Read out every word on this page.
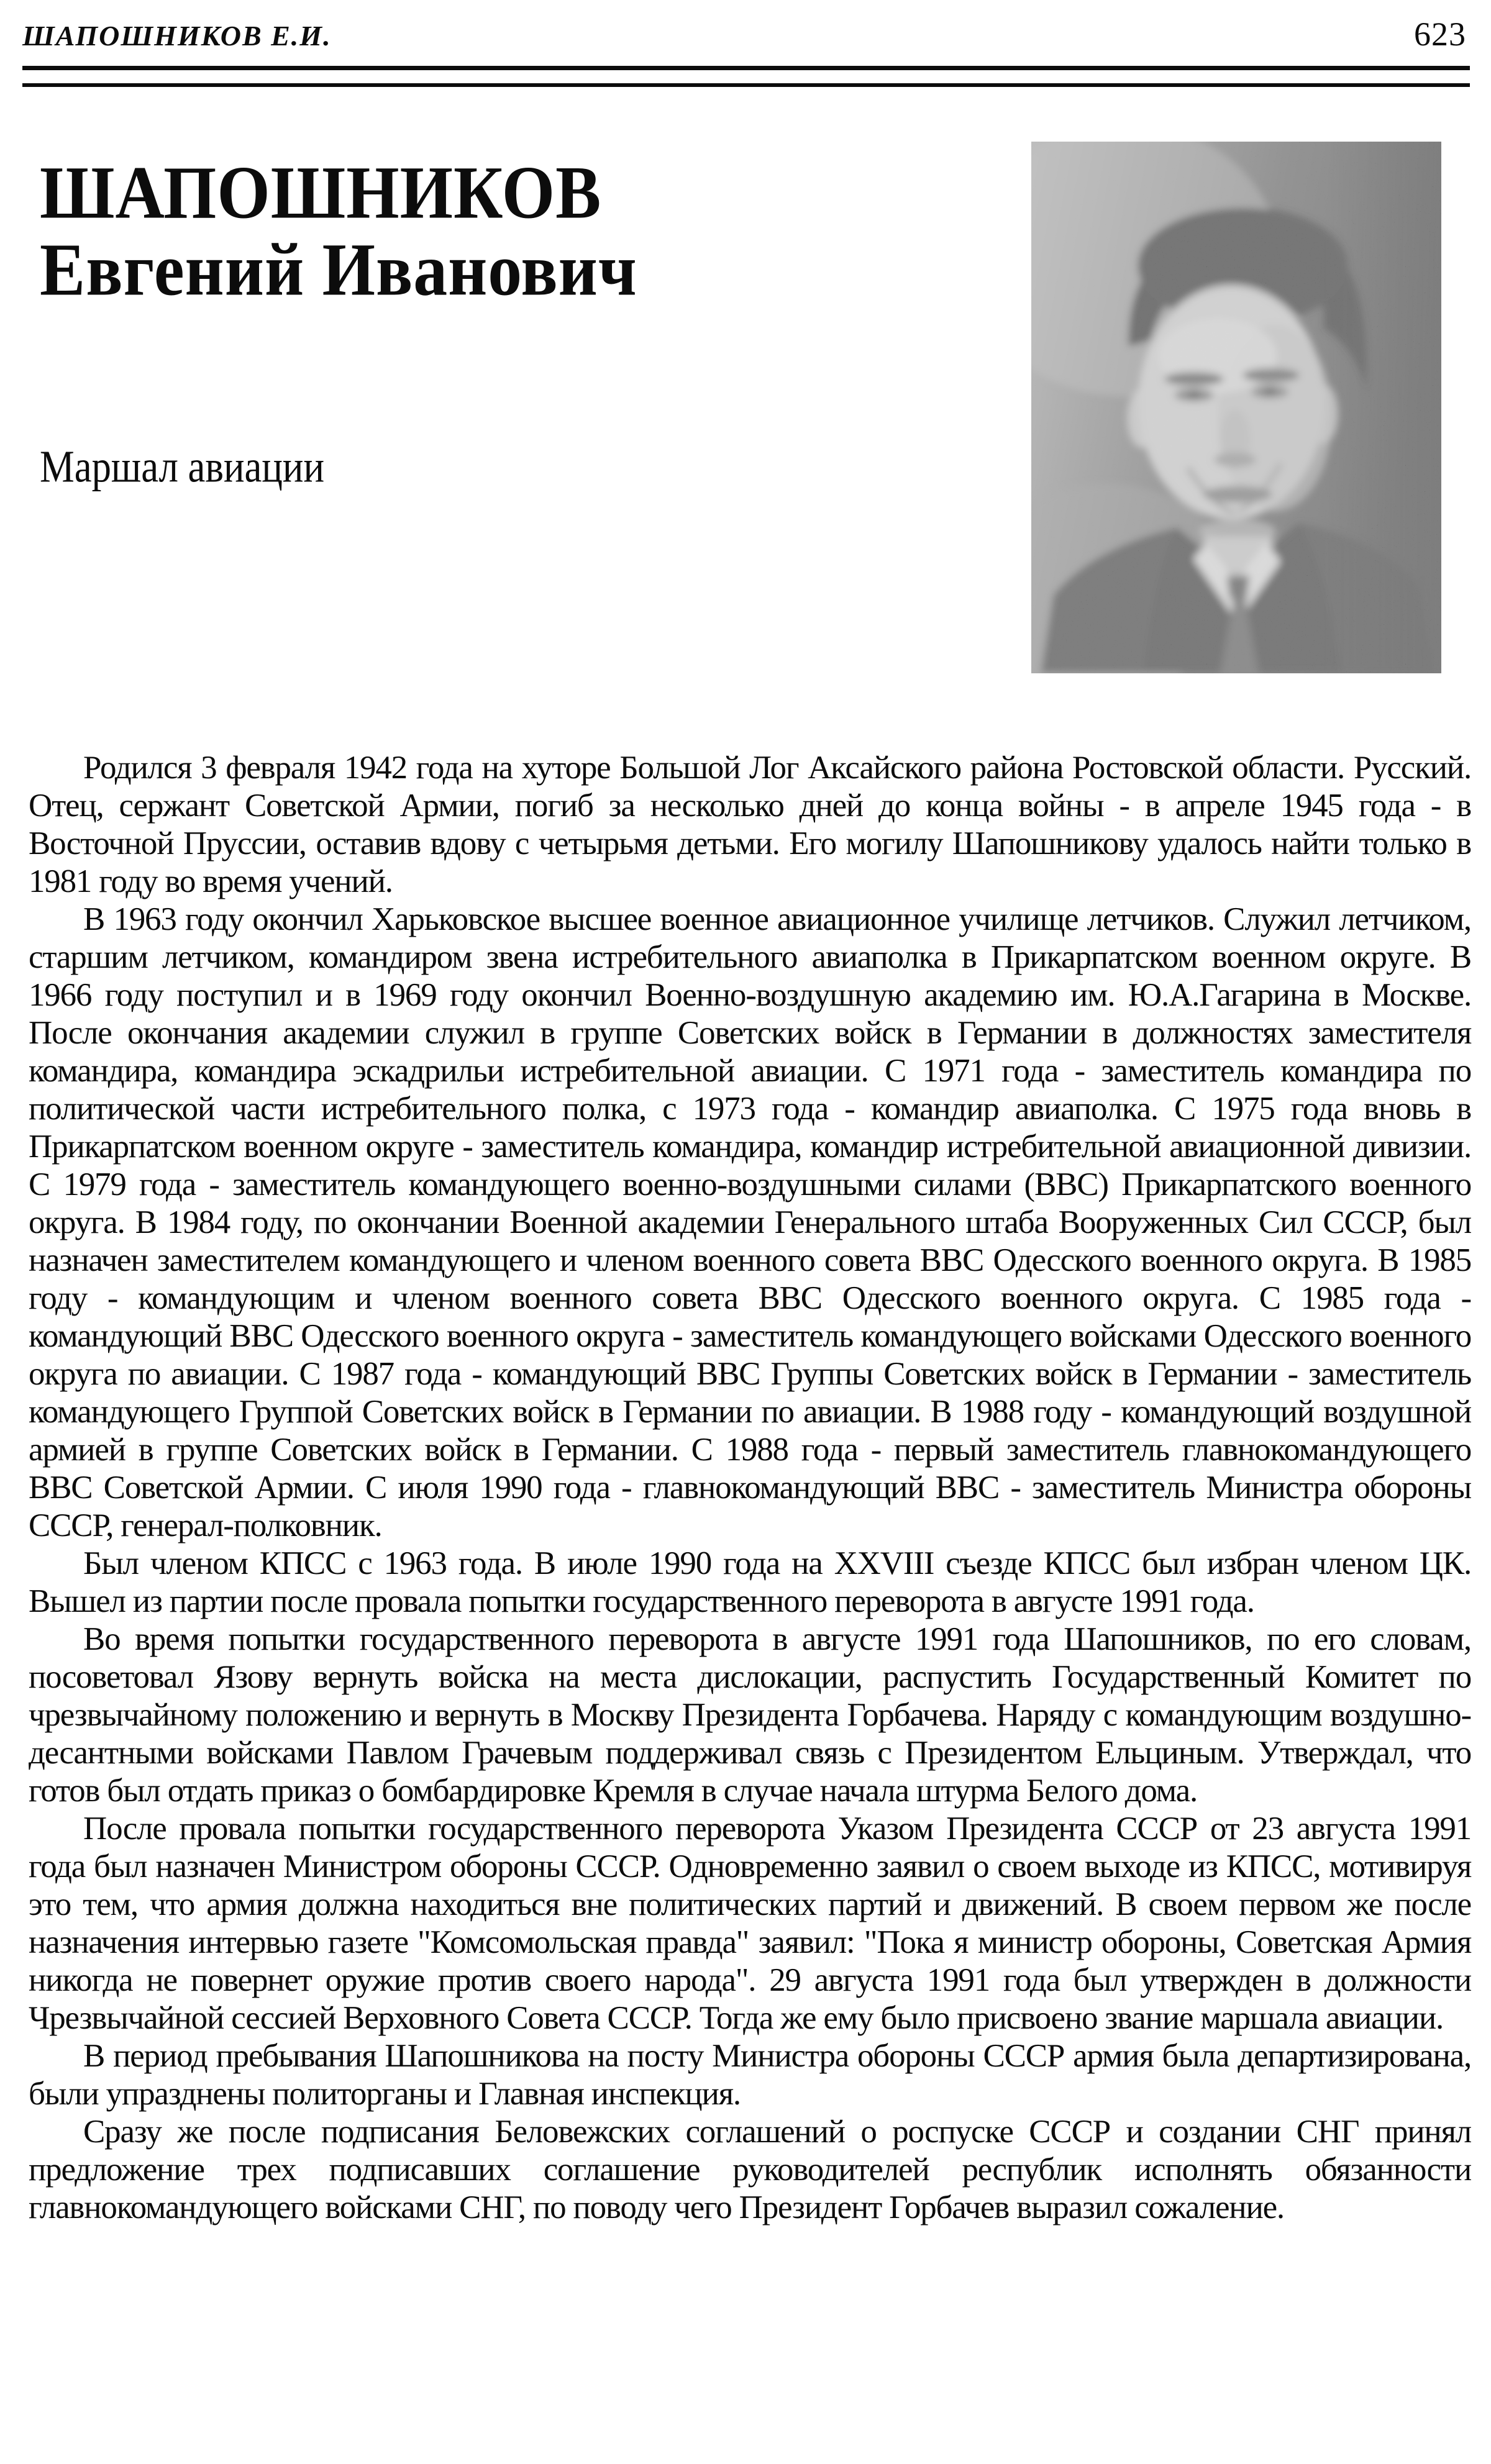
ШАПОШНИКОВ Е.И.	623
ШАПОШНИКОВ
Евгений Иванович
Маршал авиации

Родился 3 февраля 1942 года на хуторе Большой Лог Аксайского района Ростовской области. Русский. Отец, сержант Советской Армии, погиб за несколько дней до конца войны - в апреле 1945 года - в Восточной Пруссии, оставив вдову с четырьмя детьми. Его могилу Шапошникову удалось найти только в 1981 году во время учений.

В 1963 году окончил Харьковское высшее военное авиационное училище летчиков. Служил летчиком, старшим летчиком, командиром звена истребительного авиаполка в Прикарпатском военном округе. В 1966 году поступил и в 1969 году окончил Военно-воздушную академию им. Ю.А.Гагарина в Москве. После окончания академии служил в группе Советских войск в Германии в должностях заместителя командира, командира эскадрильи истребительной авиации. С 1971 года - заместитель командира по политической части истребительного полка, с 1973 года - командир авиаполка. С 1975 года вновь в Прикарпатском военном округе - заместитель командира, командир истребительной авиационной дивизии. С 1979 года - заместитель командующего военно-воздушными силами (ВВС) Прикарпатского военного округа. В 1984 году, по окончании Военной академии Генерального штаба Вооруженных Сил СССР, был назначен заместителем командующего и членом военного совета ВВС Одесского военного округа. В 1985 году - командующим и членом военного совета ВВС Одесского военного округа. С 1985 года - командующий ВВС Одесского военного округа - заместитель командующего войсками Одесского военного округа по авиации. С 1987 года - командующий ВВС Группы Советских войск в Германии - заместитель командующего Группой Советских войск в Германии по авиации. В 1988 году - командующий воздушной армией в группе Советских войск в Германии. С 1988 года - первый заместитель главнокомандующего ВВС Советской Армии. С июля 1990 года - главнокомандующий ВВС - заместитель Министра обороны СССР, генерал-полковник.

Был членом КПСС с 1963 года. В июле 1990 года на XXVIII съезде КПСС был избран членом ЦК. Вышел из партии после провала попытки государственного переворота в августе 1991 года.

Во время попытки государственного переворота в августе 1991 года Шапошников, по его словам, посоветовал Язову вернуть войска на места дислокации, распустить Государственный Комитет по чрезвычайному положению и вернуть в Москву Президента Горбачева. Наряду с командующим воздушно-десантными войсками Павлом Грачевым поддерживал связь с Президентом Ельциным. Утверждал, что готов был отдать приказ о бомбардировке Кремля в случае начала штурма Белого дома.

После провала попытки государственного переворота Указом Президента СССР от 23 августа 1991 года был назначен Министром обороны СССР. Одновременно заявил о своем выходе из КПСС, мотивируя это тем, что армия должна находиться вне политических партий и движений. В своем первом же после назначения интервью газете "Комсомольская правда" заявил: "Пока я министр обороны, Советская Армия никогда не повернет оружие против своего народа". 29 августа 1991 года был утвержден в должности Чрезвычайной сессией Верховного Совета СССР. Тогда же ему было присвоено звание маршала авиации.

В период пребывания Шапошникова на посту Министра обороны СССР армия была департизирована, были упразднены политорганы и Главная инспекция.

Сразу же после подписания Беловежских соглашений о роспуске СССР и создании СНГ принял предложение трех подписавших соглашение руководителей республик исполнять обязанности главнокомандующего войсками СНГ, по поводу чего Президент Горбачев выразил сожаление.
